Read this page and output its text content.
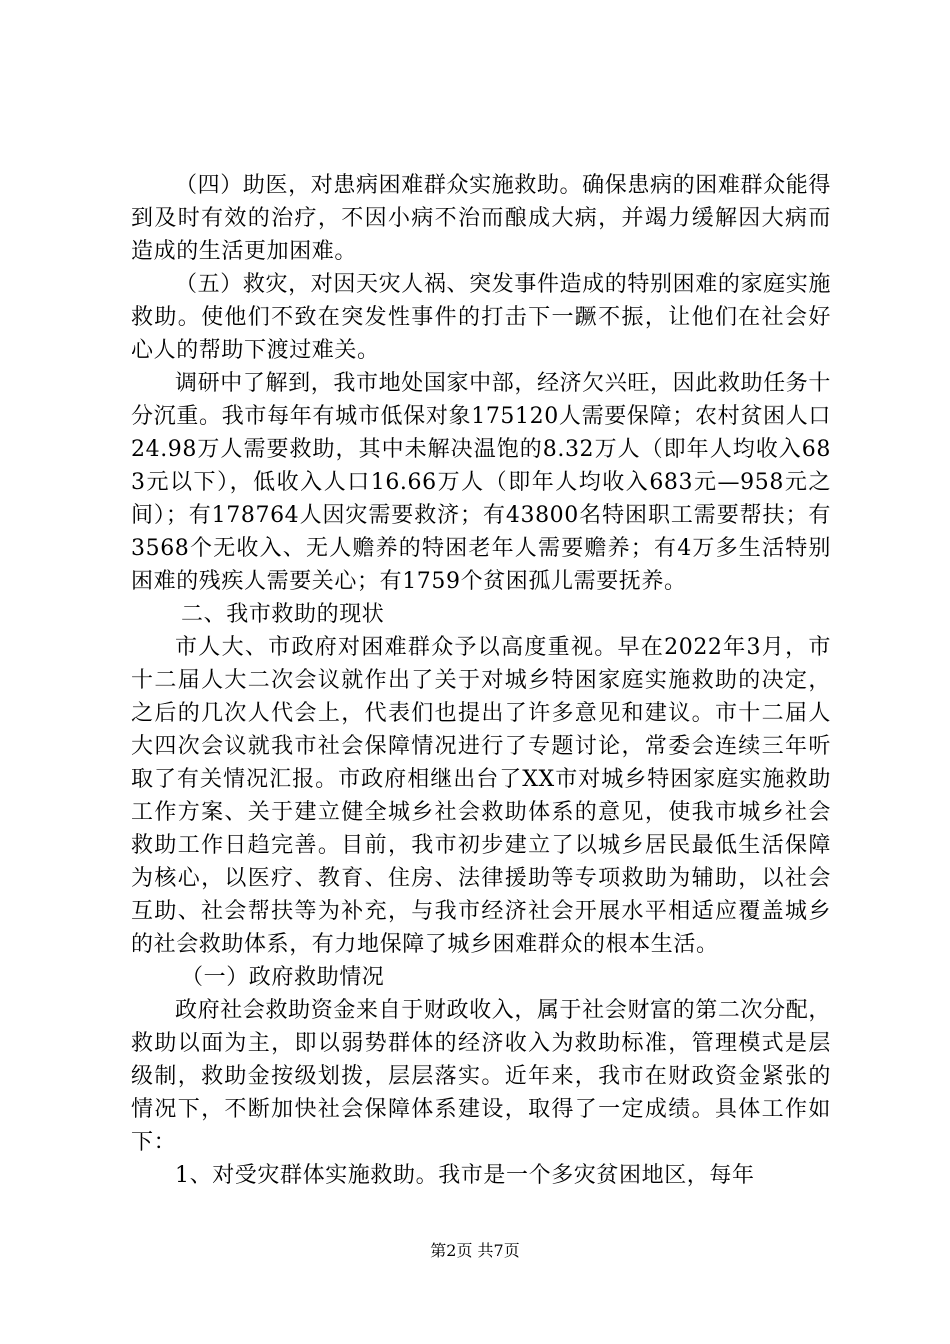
（四）助医，对患病困难群众实施救助。确保患病的困难群众能得到及时有效的治疗，不因小病不治而酿成大病，并竭力缓解因大病而造成的生活更加困难。

（五）救灾，对因天灾人祸、突发事件造成的特别困难的家庭实施救助。使他们不致在突发性事件的打击下一蹶不振，让他们在社会好心人的帮助下渡过难关。

调研中了解到，我市地处国家中部，经济欠兴旺，因此救助任务十分沉重。我市每年有城市低保对象175120人需要保障；农村贫困人口24.98万人需要救助，其中未解决温饱的8.32万人（即年人均收入683元以下），低收入人口16.66万人（即年人均收入683元—958元之间）；有178764人因灾需要救济；有43800名特困职工需要帮扶；有3568个无收入、无人赡养的特困老年人需要赡养；有4万多生活特别困难的残疾人需要关心；有1759个贫困孤儿需要抚养。

二、我市救助的现状

市人大、市政府对困难群众予以高度重视。早在2022年3月，市十二届人大二次会议就作出了关于对城乡特困家庭实施救助的决定，之后的几次人代会上，代表们也提出了许多意见和建议。市十二届人大四次会议就我市社会保障情况进行了专题讨论，常委会连续三年听取了有关情况汇报。市政府相继出台了XX市对城乡特困家庭实施救助工作方案、关于建立健全城乡社会救助体系的意见，使我市城乡社会救助工作日趋完善。目前，我市初步建立了以城乡居民最低生活保障为核心，以医疗、教育、住房、法律援助等专项救助为辅助，以社会互助、社会帮扶等为补充，与我市经济社会开展水平相适应覆盖城乡的社会救助体系，有力地保障了城乡困难群众的根本生活。

（一）政府救助情况

政府社会救助资金来自于财政收入，属于社会财富的第二次分配，救助以面为主，即以弱势群体的经济收入为救助标准，管理模式是层级制，救助金按级划拨，层层落实。近年来，我市在财政资金紧张的情况下，不断加快社会保障体系建设，取得了一定成绩。具体工作如下：

1、对受灾群体实施救助。我市是一个多灾贫困地区，每年

第2页 共7页
